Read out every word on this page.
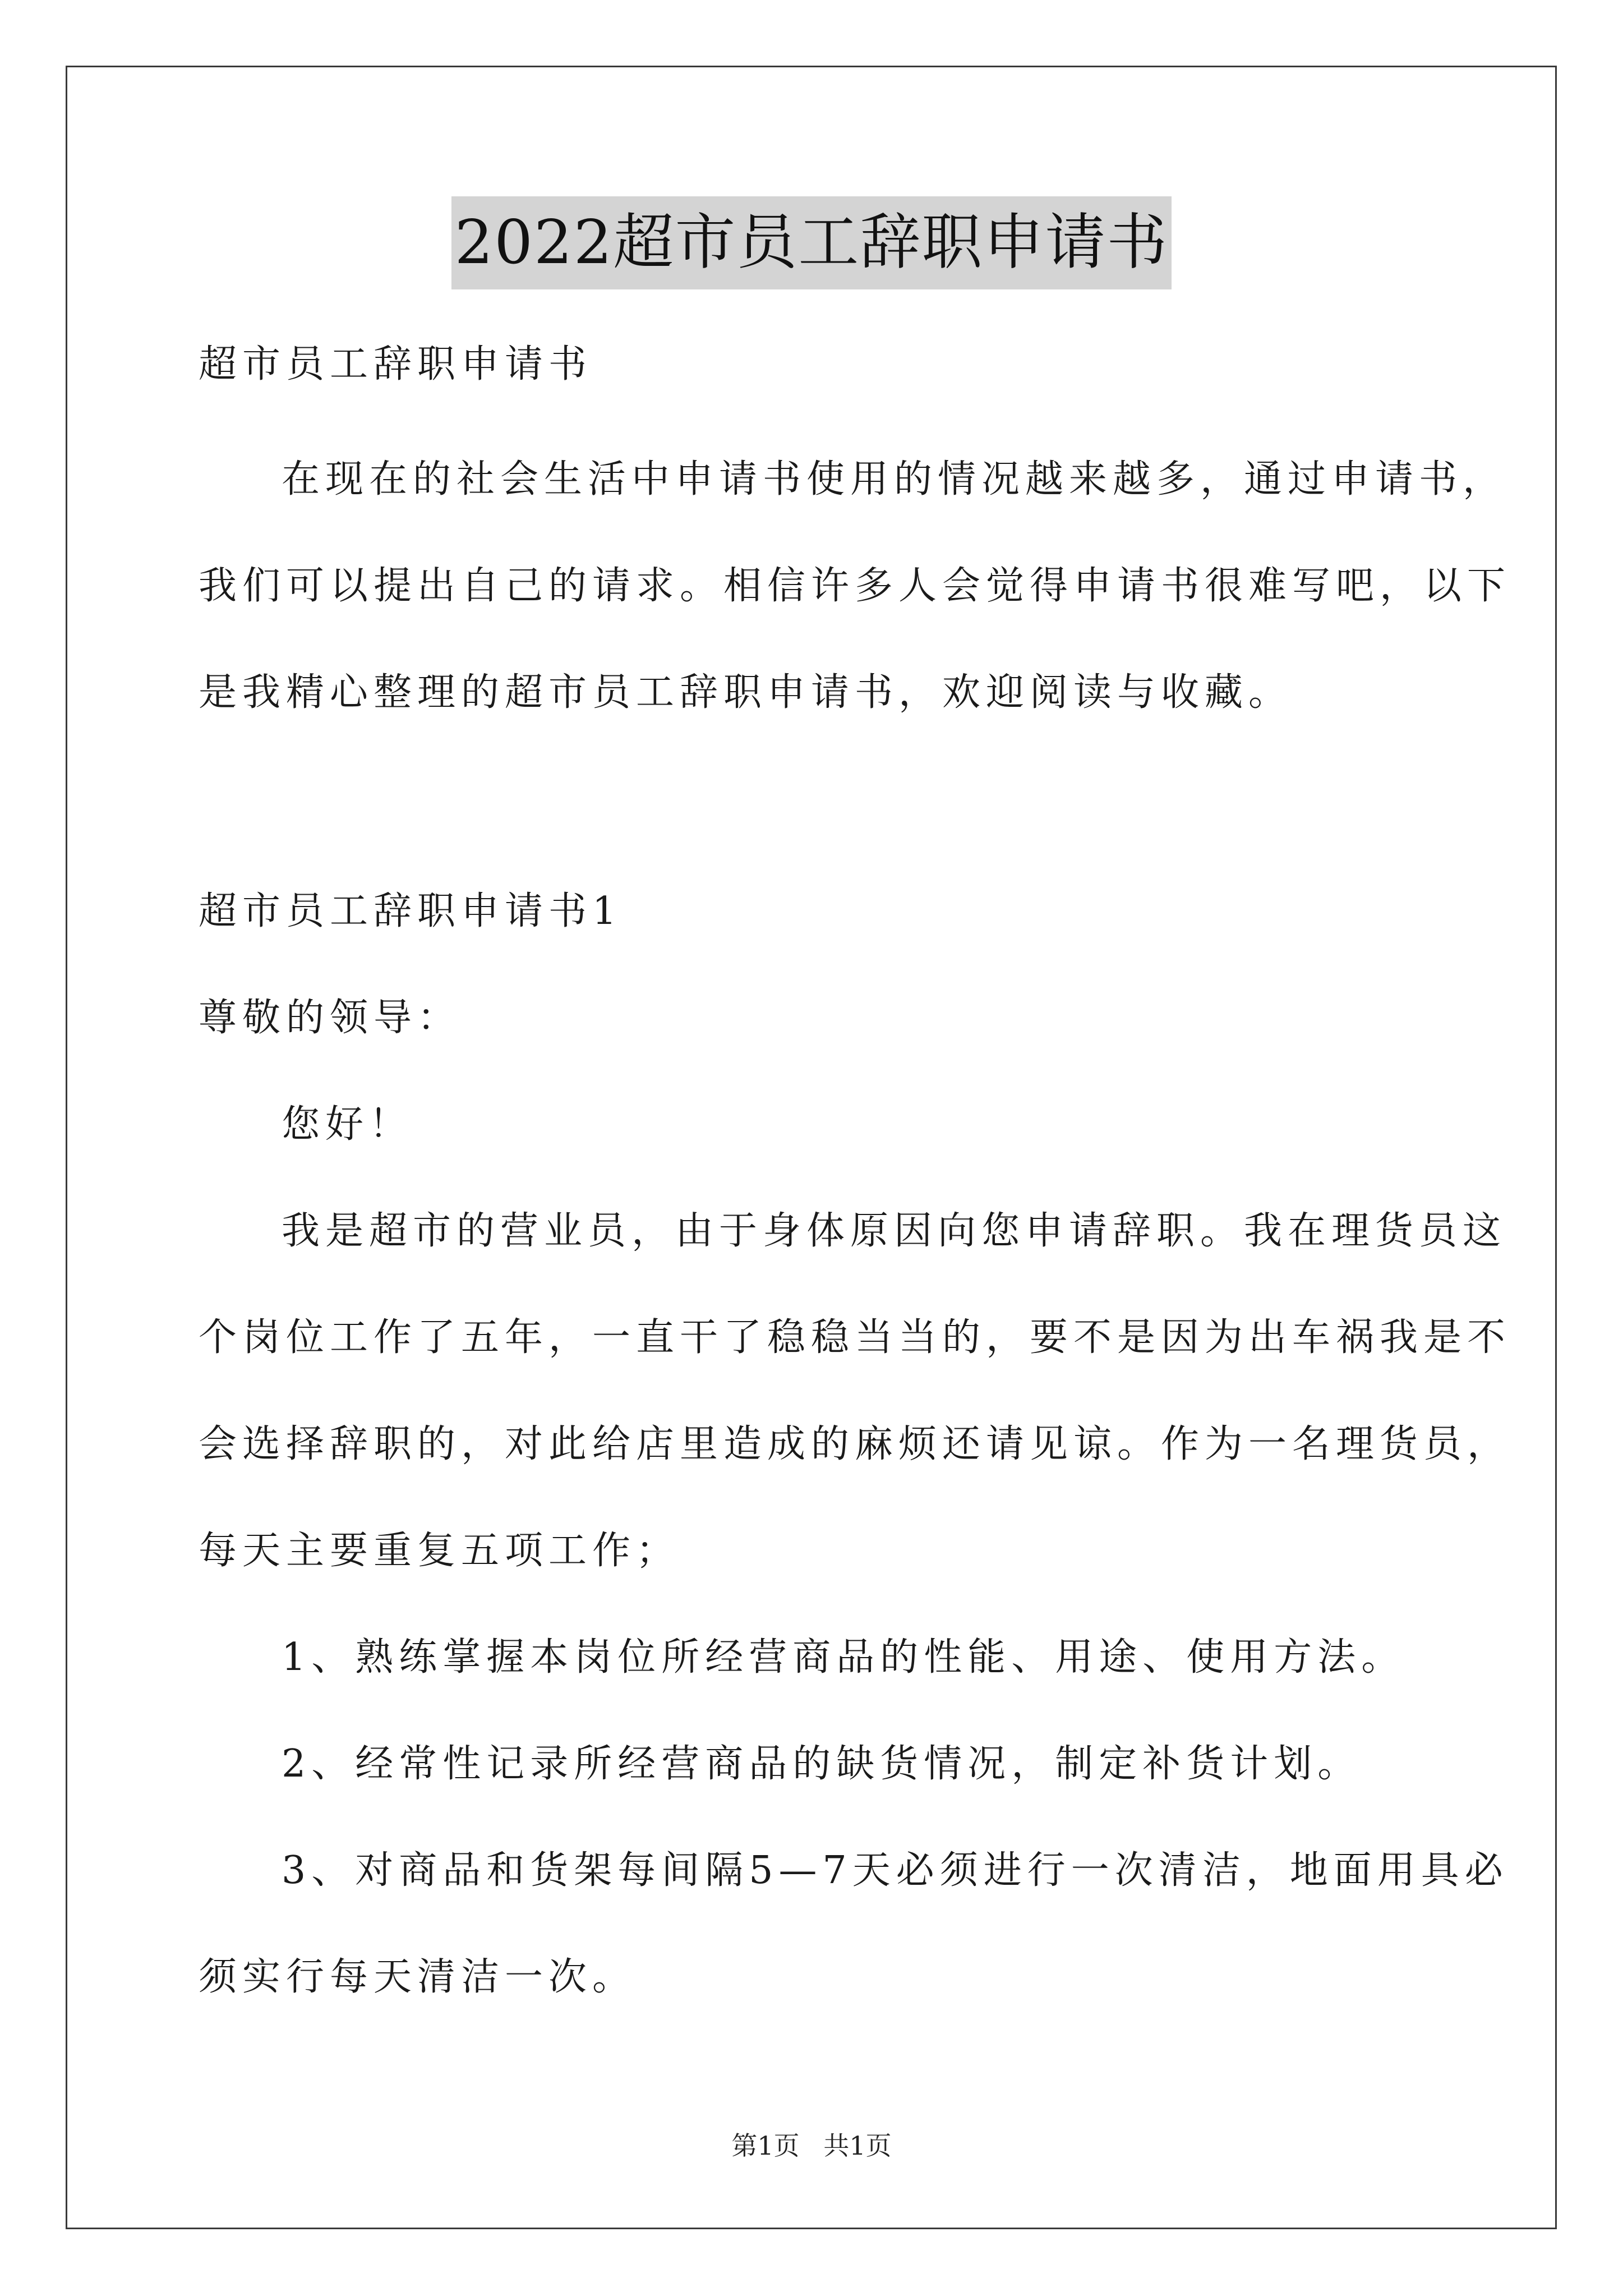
2022超市员工辞职申请书

超市员工辞职申请书

在现在的社会生活中申请书使用的情况越来越多，通过申请书，

我们可以提出自己的请求。相信许多人会觉得申请书很难写吧，以下

是我精心整理的超市员工辞职申请书，欢迎阅读与收藏。

超市员工辞职申请书1

尊敬的领导：

您好！

我是超市的营业员，由于身体原因向您申请辞职。我在理货员这

个岗位工作了五年，一直干了稳稳当当的，要不是因为出车祸我是不

会选择辞职的，对此给店里造成的麻烦还请见谅。作为一名理货员，

每天主要重复五项工作；

1、熟练掌握本岗位所经营商品的性能、用途、使用方法。

2、经常性记录所经营商品的缺货情况，制定补货计划。

3、对商品和货架每间隔5—7天必须进行一次清洁，地面用具必

须实行每天清洁一次。

第1页 共1页
